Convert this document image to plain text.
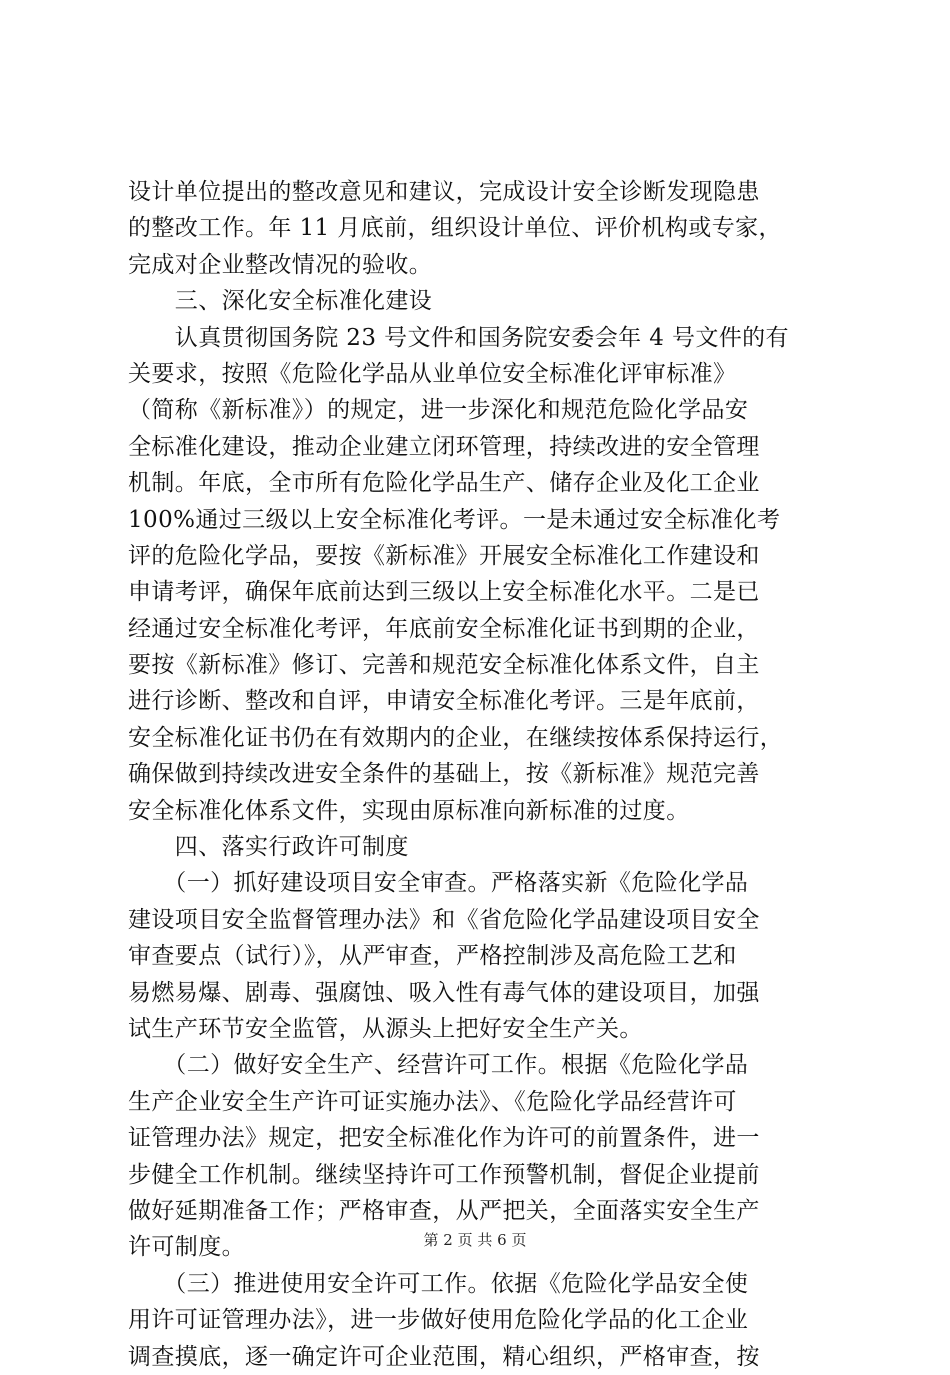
设计单位提出的整改意见和建议，完成设计安全诊断发现隐患
的整改工作。年 11 月底前，组织设计单位、评价机构或专家，
完成对企业整改情况的验收。
　　三、深化安全标准化建设
　　认真贯彻国务院 23 号文件和国务院安委会年 4 号文件的有
关要求，按照《危险化学品从业单位安全标准化评审标准》
（简称《新标准》）的规定，进一步深化和规范危险化学品安
全标准化建设，推动企业建立闭环管理，持续改进的安全管理
机制。年底，全市所有危险化学品生产、储存企业及化工企业
100%通过三级以上安全标准化考评。一是未通过安全标准化考
评的危险化学品，要按《新标准》开展安全标准化工作建设和
申请考评，确保年底前达到三级以上安全标准化水平。二是已
经通过安全标准化考评，年底前安全标准化证书到期的企业，
要按《新标准》修订、完善和规范安全标准化体系文件，自主
进行诊断、整改和自评，申请安全标准化考评。三是年底前，
安全标准化证书仍在有效期内的企业，在继续按体系保持运行，
确保做到持续改进安全条件的基础上，按《新标准》规范完善
安全标准化体系文件，实现由原标准向新标准的过度。
　　四、落实行政许可制度
　　（一）抓好建设项目安全审查。严格落实新《危险化学品
建设项目安全监督管理办法》和《省危险化学品建设项目安全
审查要点（试行）》，从严审查，严格控制涉及高危险工艺和
易燃易爆、剧毒、强腐蚀、吸入性有毒气体的建设项目，加强
试生产环节安全监管，从源头上把好安全生产关。
　　（二）做好安全生产、经营许可工作。根据《危险化学品
生产企业安全生产许可证实施办法》、《危险化学品经营许可
证管理办法》规定，把安全标准化作为许可的前置条件，进一
步健全工作机制。继续坚持许可工作预警机制，督促企业提前
做好延期准备工作；严格审查，从严把关，全面落实安全生产
许可制度。
　　（三）推进使用安全许可工作。依据《危险化学品安全使
用许可证管理办法》，进一步做好使用危险化学品的化工企业
调查摸底，逐一确定许可企业范围，精心组织，严格审查，按
第 2 页 共 6 页
